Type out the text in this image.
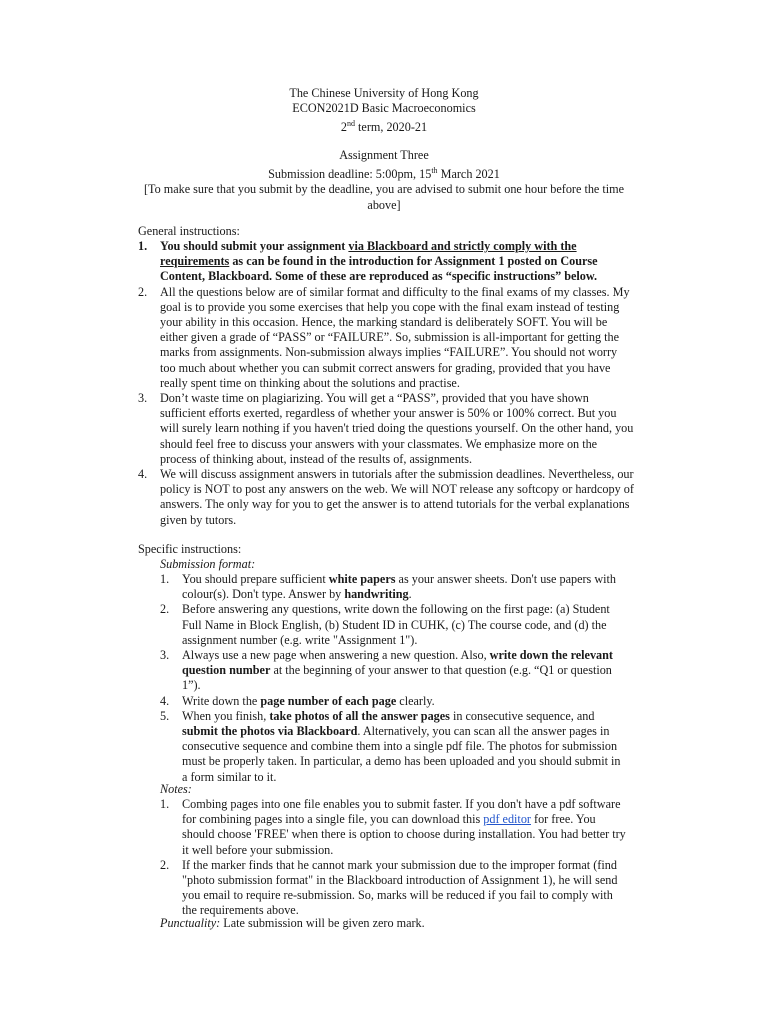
The Chinese University of Hong Kong
ECON2021D Basic Macroeconomics
2nd term, 2020-21
Assignment Three
Submission deadline: 5:00pm, 15th March 2021
[To make sure that you submit by the deadline, you are advised to submit one hour before the time above]
General instructions:
1. You should submit your assignment via Blackboard and strictly comply with the requirements as can be found in the introduction for Assignment 1 posted on Course Content, Blackboard. Some of these are reproduced as “specific instructions” below.
2. All the questions below are of similar format and difficulty to the final exams of my classes. My goal is to provide you some exercises that help you cope with the final exam instead of testing your ability in this occasion. Hence, the marking standard is deliberately SOFT. You will be either given a grade of “PASS” or “FAILURE”. So, submission is all-important for getting the marks from assignments. Non-submission always implies “FAILURE”. You should not worry too much about whether you can submit correct answers for grading, provided that you have really spent time on thinking about the solutions and practise.
3. Don’t waste time on plagiarizing. You will get a “PASS”, provided that you have shown sufficient efforts exerted, regardless of whether your answer is 50% or 100% correct. But you will surely learn nothing if you haven't tried doing the questions yourself. On the other hand, you should feel free to discuss your answers with your classmates. We emphasize more on the process of thinking about, instead of the results of, assignments.
4. We will discuss assignment answers in tutorials after the submission deadlines. Nevertheless, our policy is NOT to post any answers on the web. We will NOT release any softcopy or hardcopy of answers. The only way for you to get the answer is to attend tutorials for the verbal explanations given by tutors.
Specific instructions:
Submission format:
1. You should prepare sufficient white papers as your answer sheets. Don't use papers with colour(s). Don't type. Answer by handwriting.
2. Before answering any questions, write down the following on the first page: (a) Student Full Name in Block English, (b) Student ID in CUHK, (c) The course code, and (d) the assignment number (e.g. write "Assignment 1").
3. Always use a new page when answering a new question. Also, write down the relevant question number at the beginning of your answer to that question (e.g. “Q1 or question 1”).
4. Write down the page number of each page clearly.
5. When you finish, take photos of all the answer pages in consecutive sequence, and submit the photos via Blackboard. Alternatively, you can scan all the answer pages in consecutive sequence and combine them into a single pdf file. The photos for submission must be properly taken. In particular, a demo has been uploaded and you should submit in a form similar to it.
Notes:
1. Combing pages into one file enables you to submit faster. If you don't have a pdf software for combining pages into a single file, you can download this pdf editor for free. You should choose 'FREE' when there is option to choose during installation. You had better try it well before your submission.
2. If the marker finds that he cannot mark your submission due to the improper format (find "photo submission format" in the Blackboard introduction of Assignment 1), he will send you email to require re-submission. So, marks will be reduced if you fail to comply with the requirements above.
Punctuality: Late submission will be given zero mark.
